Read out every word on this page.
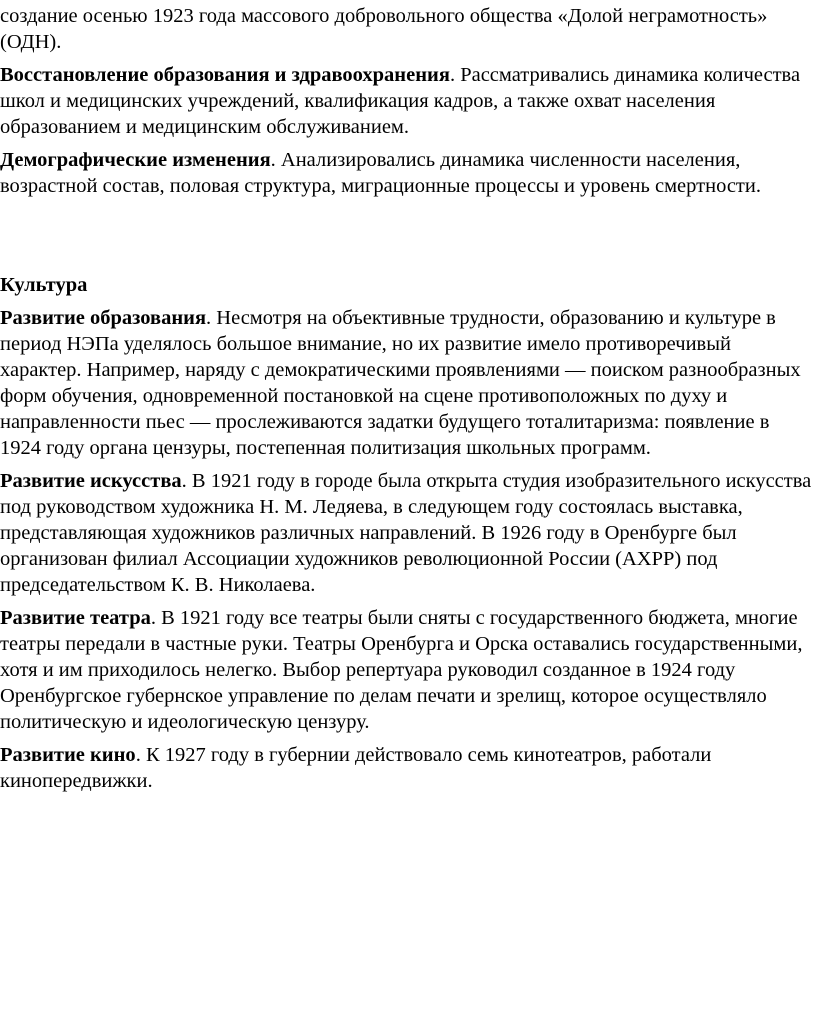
создание осенью 1923 года массового добровольного общества «Долой неграмотность» (ОДН).

Восстановление образования и здравоохранения. Рассматривались динамика количества школ и медицинских учреждений, квалификация кадров, а также охват населения образованием и медицинским обслуживанием.

Демографические изменения. Анализировались динамика численности населения, возрастной состав, половая структура, миграционные процессы и уровень смертности.

Культура

Развитие образования. Несмотря на объективные трудности, образованию и культуре в период НЭПа уделялось большое внимание, но их развитие имело противоречивый характер. Например, наряду с демократическими проявлениями — поиском разнообразных форм обучения, одновременной постановкой на сцене противоположных по духу и направленности пьес — прослеживаются задатки будущего тоталитаризма: появление в 1924 году органа цензуры, постепенная политизация школьных программ.

Развитие искусства. В 1921 году в городе была открыта студия изобразительного искусства под руководством художника Н. М. Ледяева, в следующем году состоялась выставка, представляющая художников различных направлений. В 1926 году в Оренбурге был организован филиал Ассоциации художников революционной России (АХРР) под председательством К. В. Николаева.

Развитие театра. В 1921 году все театры были сняты с государственного бюджета, многие театры передали в частные руки. Театры Оренбурга и Орска оставались государственными, хотя и им приходилось нелегко. Выбор репертуара руководил созданное в 1924 году Оренбургское губернское управление по делам печати и зрелищ, которое осуществляло политическую и идеологическую цензуру.

Развитие кино. К 1927 году в губернии действовало семь кинотеатров, работали кинопередвижки.
